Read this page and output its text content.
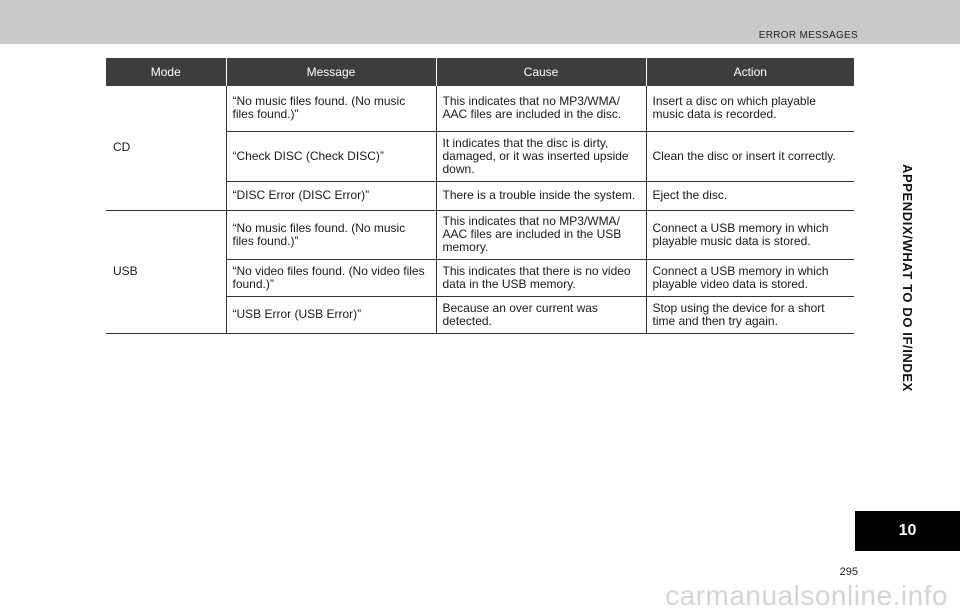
ERROR MESSAGES
Mode	Message	Cause	Action
CD	“No music files found. (No music files found.)”	This indicates that no MP3/WMA/ AAC files are included in the disc.	Insert a disc on which playable music data is recorded.
	“Check DISC (Check DISC)”	It indicates that the disc is dirty, damaged, or it was inserted upside down.	Clean the disc or insert it correctly.
	“DISC Error (DISC Error)”	There is a trouble inside the system.	Eject the disc.
USB	“No music files found. (No music files found.)”	This indicates that no MP3/WMA/ AAC files are included in the USB memory.	Connect a USB memory in which playable music data is stored.
	“No video files found. (No video files found.)”	This indicates that there is no video data in the USB memory.	Connect a USB memory in which playable video data is stored.
	“USB Error (USB Error)”	Because an over current was detected.	Stop using the device for a short time and then try again.	APPENDIX/WHAT TO DO IF/INDEX
10
295
carmanualsonline.info
